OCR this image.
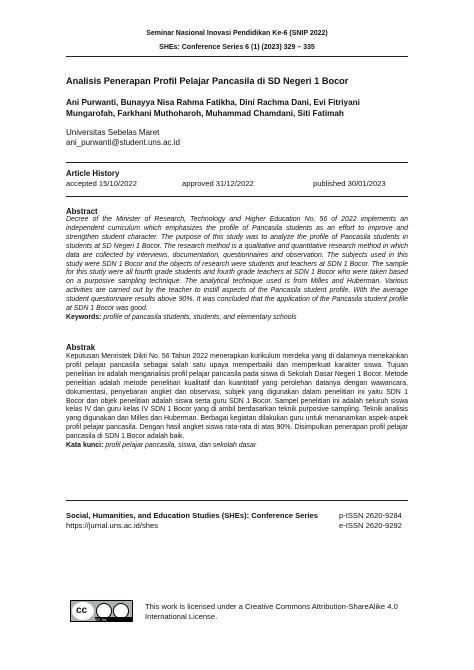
Seminar Nasional Inovasi Pendidikan Ke-6 (SNIP 2022)
SHEs: Conference Series 6 (1) (2023) 329 – 335
Analisis Penerapan Profil Pelajar Pancasila di SD Negeri 1 Bocor
Ani Purwanti, Bunayya Nisa Rahma Fatikha, Dini Rachma Dani, Evi Fitriyani Mungarofah, Farkhani Muthoharoh, Muhammad Chamdani, Siti Fatimah
Universitas Sebelas Maret
ani_purwanti@student.uns.ac.id
Article History
accepted 15/10/2022	approved 31/12/2022	published 30/01/2023
Abstract
Decree of the Minister of Research, Technology and Higher Education No. 56 of 2022 implements an independent curriculum which emphasizes the profile of Pancasila students as an effort to improve and strengthen student character. The purpose of this study was to analyze the profile of Pancasila students in students at SD Negeri 1 Bocor. The research method is a qualitative and quantitative research method in which data are collected by interviews, documentation, questionnaires and observation. The subjects used in this study were SDN 1 Bocor and the objects of research were students and teachers at SDN 1 Bocor. The sample for this study were all fourth grade students and fourth grade teachers at SDN 1 Bocor who were taken based on a purposive sampling technique. The analytical technique used is from Milles and Huberman. Various activities are carried out by the teacher to instill aspects of the Pancasila student profile. With the average student questionnaire results above 90%. It was concluded that the application of the Pancasila student profile at SDN 1 Bocor was good.
Keywords: profile of pancasila students, students, and elementary schools
Abstrak
Keputusan Menristek Dikti No. 56 Tahun 2022 menerapkan kurikulum merdeka yang di dalamnya menekankan profil pelajar pancasila sebagai salah satu upaya memperbaiki dan memperkuat karakter siswa. Tujuan penelitian ini adalah menganalisis profil pelajar pancasila pada siswa di Sekolah Dasar Negeri 1 Bocor. Metode penelitian adalah metode penelitian kualitatif dan kuantitatif yang perolehan datanya dengan wawancara, dokumentasi, penyebaran angket dan observasi, subjek yang digunakan dalam penelitian ini yaitu SDN 1 Bocor dan objek penelitian adalah siswa serta guru SDN 1 Bocor. Sampel penelitian ini adalah seluruh siswa kelas IV dan guru kelas IV SDN 1 Bocor yang di ambil berdasarkan teknik purposive sampling. Teknik analisis yang digunakan dari Milles dan Huberman. Berbagai kegiatan dilakukan guru untuk menanamkan aspek-aspek profil pelajar pancasila. Dengan hasil angket siswa rata-rata di atas 90%. Disimpulkan penerapan profil pelajar pancasila di SDN 1 Bocor adalah baik.
Kata kunci: profil pelajar pancasila, siswa, dan sekolah dasar
Social, Humanities, and Education Studies (SHEs): Conference Series
https://jurnal.uns.ac.id/shes
p-ISSN 2620-9284
e-ISSN 2620-9292
cc
BY SA
This work is licensed under a Creative Commons Attribution-ShareAlike 4.0 International License.
